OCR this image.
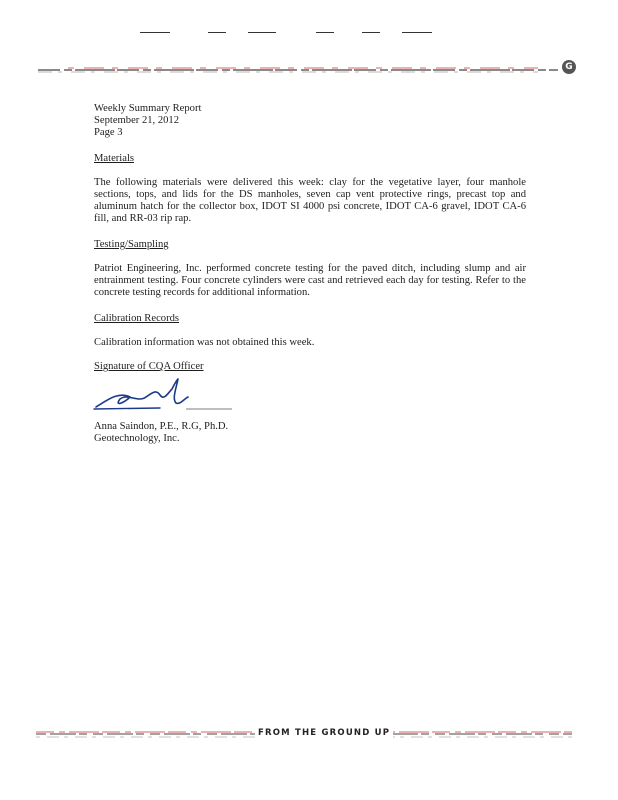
G
Weekly Summary Report
September 21, 2012
Page 3
Materials
The following materials were delivered this week: clay for the vegetative layer, four manhole sections, tops, and lids for the DS manholes, seven cap vent protective rings, precast top and aluminum hatch for the collector box, IDOT SI 4000 psi concrete, IDOT CA-6 gravel, IDOT CA-6 fill, and RR-03 rip rap.
Testing/Sampling
Patriot Engineering, Inc. performed concrete testing for the paved ditch, including slump and air entrainment testing. Four concrete cylinders were cast and retrieved each day for testing. Refer to the concrete testing records for additional information.
Calibration Records
Calibration information was not obtained this week.
Signature of CQA Officer
Anna Saindon, P.E., R.G, Ph.D.
Geotechnology, Inc.
FROM THE GROUND UP
